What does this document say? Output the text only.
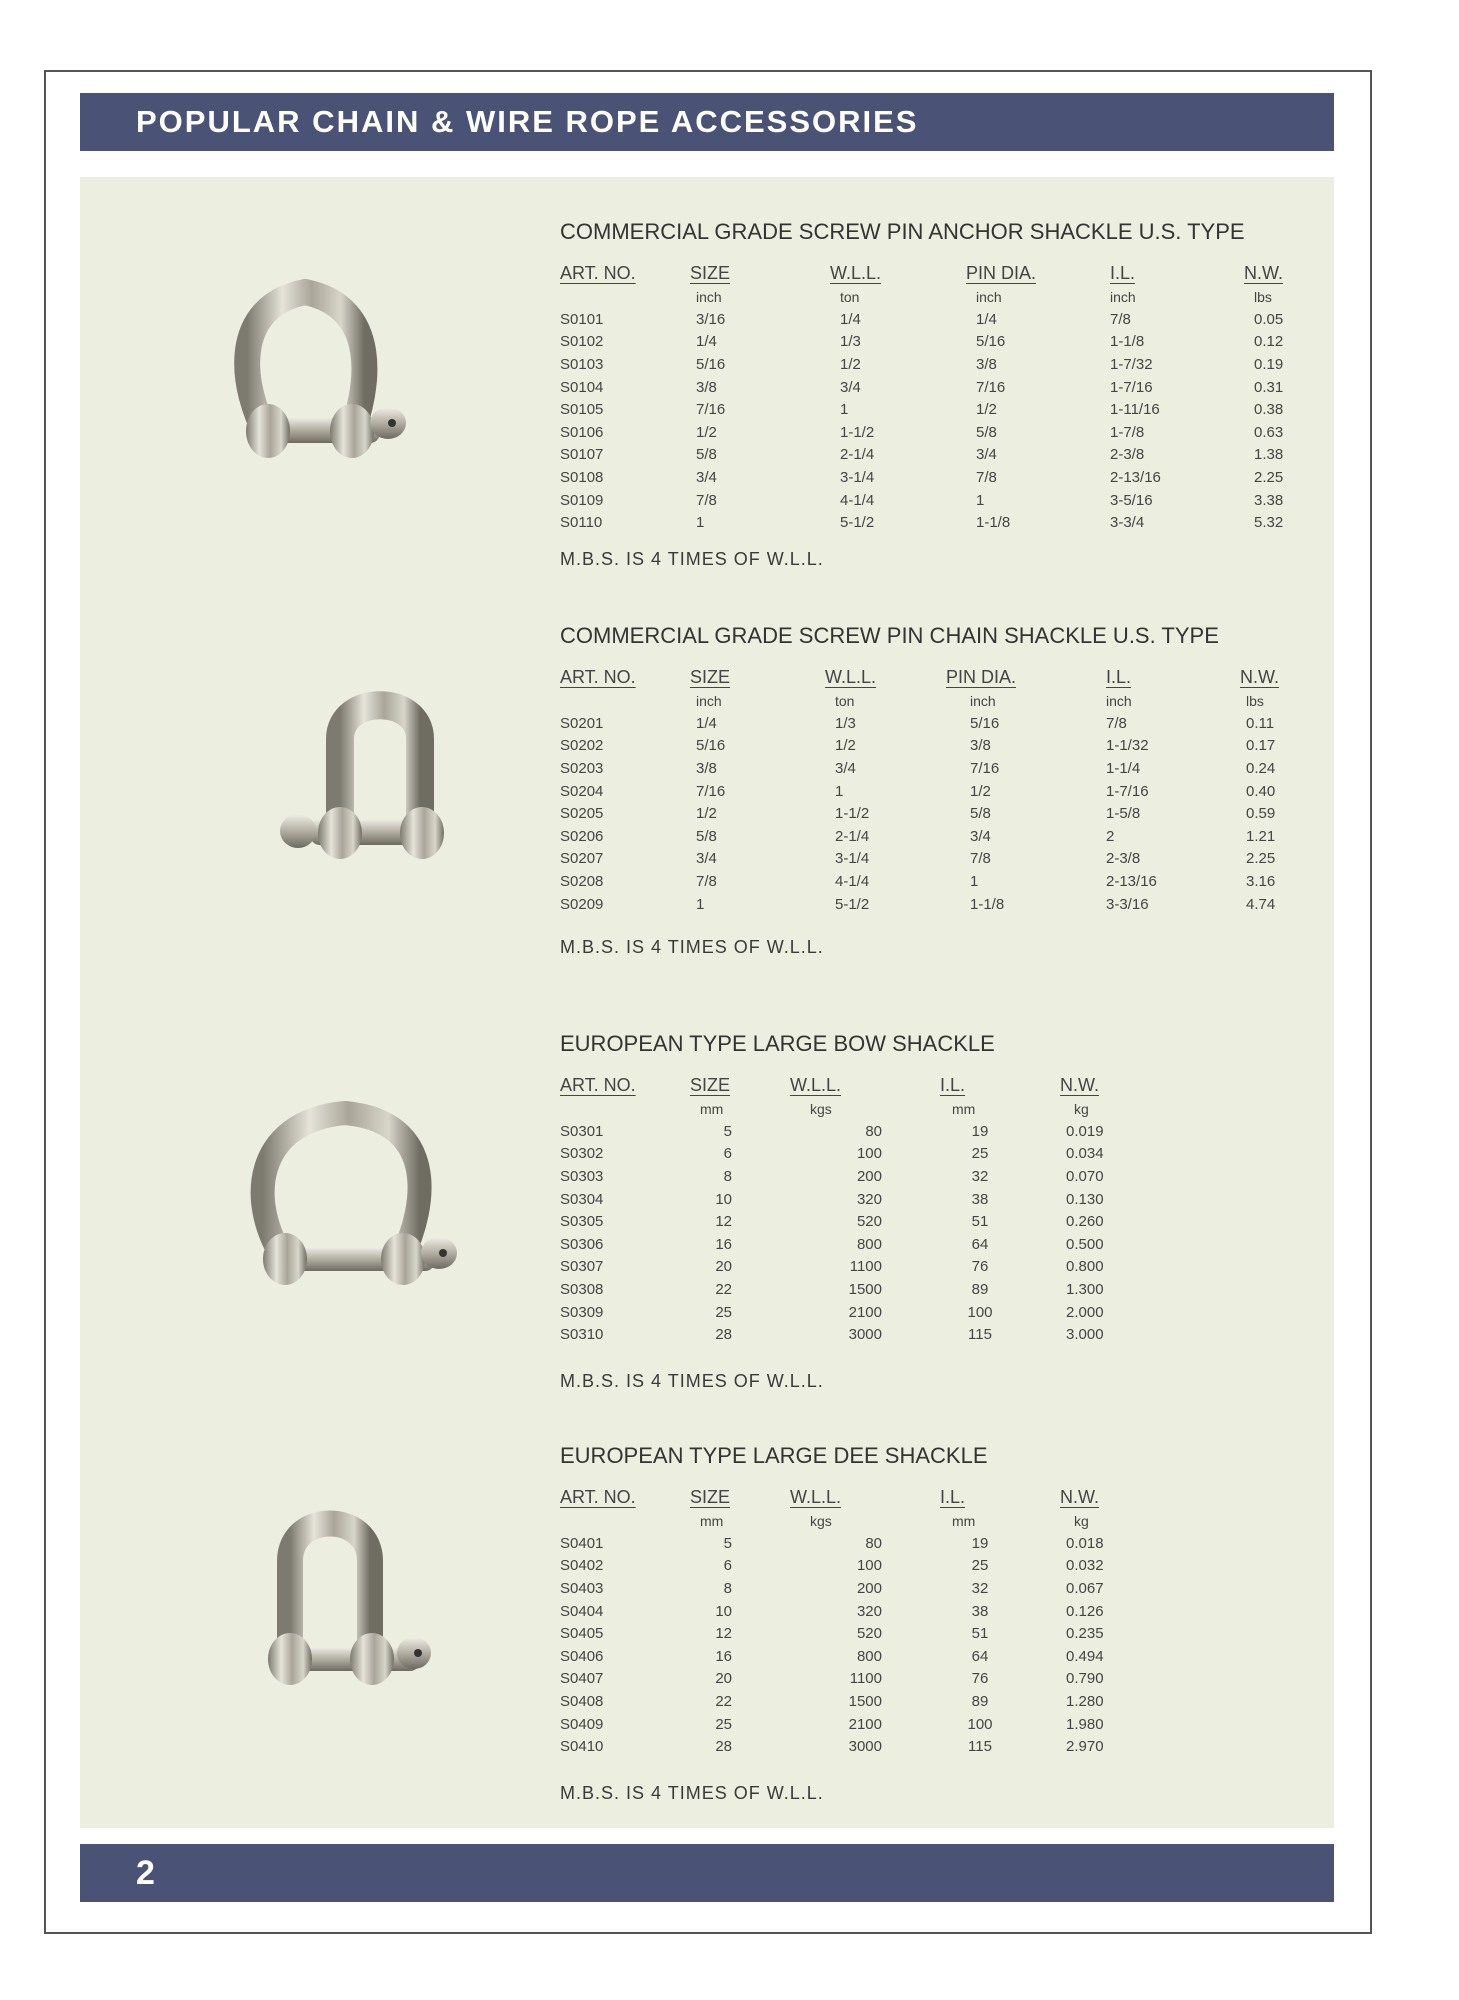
POPULAR CHAIN & WIRE ROPE ACCESSORIES
COMMERCIAL GRADE SCREW PIN ANCHOR SHACKLE U.S. TYPE
ART. NO.	SIZE	W.L.L.	PIN DIA.	I.L.	N.W.
	inch	ton	inch	inch	lbs
S0101	3/16	1/4	1/4	7/8	0.05
S0102	1/4	1/3	5/16	1-1/8	0.12
S0103	5/16	1/2	3/8	1-7/32	0.19
S0104	3/8	3/4	7/16	1-7/16	0.31
S0105	7/16	1	1/2	1-11/16	0.38
S0106	1/2	1-1/2	5/8	1-7/8	0.63
S0107	5/8	2-1/4	3/4	2-3/8	1.38
S0108	3/4	3-1/4	7/8	2-13/16	2.25
S0109	7/8	4-1/4	1	3-5/16	3.38
S0110	1	5-1/2	1-1/8	3-3/4	5.32
M.B.S. IS 4 TIMES OF W.L.L.
COMMERCIAL GRADE SCREW PIN CHAIN SHACKLE U.S. TYPE
ART. NO.	SIZE	W.L.L.	PIN DIA.	I.L.	N.W.
	inch	ton	inch	inch	lbs
S0201	1/4	1/3	5/16	7/8	0.11
S0202	5/16	1/2	3/8	1-1/32	0.17
S0203	3/8	3/4	7/16	1-1/4	0.24
S0204	7/16	1	1/2	1-7/16	0.40
S0205	1/2	1-1/2	5/8	1-5/8	0.59
S0206	5/8	2-1/4	3/4	2	1.21
S0207	3/4	3-1/4	7/8	2-3/8	2.25
S0208	7/8	4-1/4	1	2-13/16	3.16
S0209	1	5-1/2	1-1/8	3-3/16	4.74
M.B.S. IS 4 TIMES OF W.L.L.
EUROPEAN TYPE LARGE BOW SHACKLE
ART. NO.	SIZE	W.L.L.	I.L.	N.W.
	mm	kgs	mm	kg
S0301	5	80	19	0.019
S0302	6	100	25	0.034
S0303	8	200	32	0.070
S0304	10	320	38	0.130
S0305	12	520	51	0.260
S0306	16	800	64	0.500
S0307	20	1100	76	0.800
S0308	22	1500	89	1.300
S0309	25	2100	100	2.000
S0310	28	3000	115	3.000
M.B.S. IS 4 TIMES OF W.L.L.
EUROPEAN TYPE LARGE DEE SHACKLE
ART. NO.	SIZE	W.L.L.	I.L.	N.W.
	mm	kgs	mm	kg
S0401	5	80	19	0.018
S0402	6	100	25	0.032
S0403	8	200	32	0.067
S0404	10	320	38	0.126
S0405	12	520	51	0.235
S0406	16	800	64	0.494
S0407	20	1100	76	0.790
S0408	22	1500	89	1.280
S0409	25	2100	100	1.980
S0410	28	3000	115	2.970
M.B.S. IS 4 TIMES OF W.L.L.
2
